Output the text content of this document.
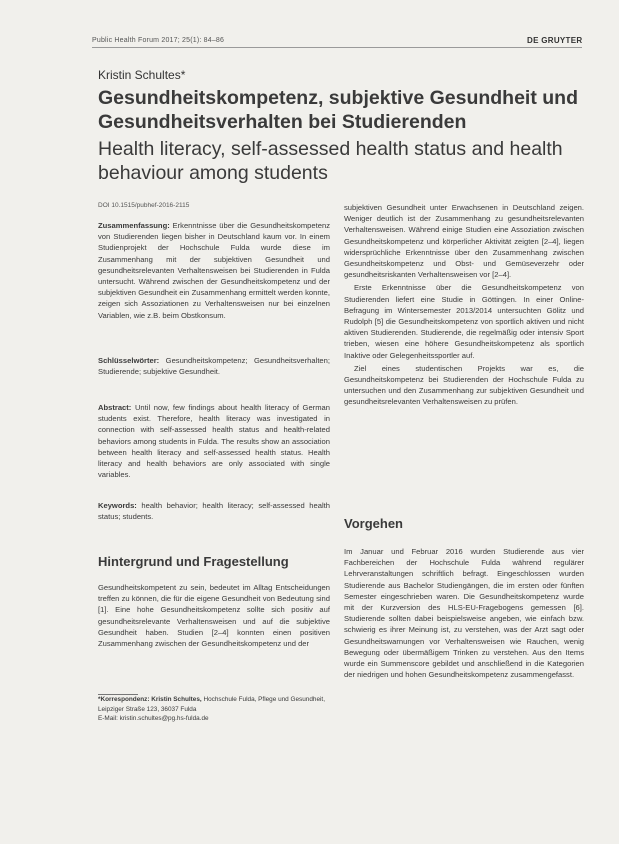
Public Health Forum 2017; 25(1): 84–86	DE GRUYTER
Kristin Schultes*
Gesundheitskompetenz, subjektive Gesundheit und Gesundheitsverhalten bei Studierenden
Health literacy, self-assessed health status and health behaviour among students
DOI 10.1515/pubhef-2016-2115

Zusammenfassung: Erkenntnisse über die Gesundheitskompetenz von Studierenden liegen bisher in Deutschland kaum vor. In einem Studienprojekt der Hochschule Fulda wurde diese im Zusammenhang mit der subjektiven Gesundheit und gesundheitsrelevanten Verhaltensweisen bei Studierenden in Fulda untersucht. Während zwischen der Gesundheitskompetenz und der subjektiven Gesundheit ein Zusammenhang ermittelt werden konnte, zeigen sich Assoziationen zu Verhaltensweisen nur bei einzelnen Variablen, wie z.B. beim Obstkonsum.

Schlüsselwörter: Gesundheitskompetenz; Gesundheitsverhalten; Studierende; subjektive Gesundheit.

Abstract: Until now, few findings about health literacy of German students exist. Therefore, health literacy was investigated in connection with self-assessed health status and health-related behaviors among students in Fulda. The results show an association between health literacy and self-assessed health status. Health literacy and health behaviors are only associated with single variables.

Keywords: health behavior; health literacy; self-assessed health status; students.

Hintergrund und Fragestellung

Gesundheitskompetent zu sein, bedeutet im Alltag Entscheidungen treffen zu können, die für die eigene Gesundheit von Bedeutung sind [1]. Eine hohe Gesundheitskompetenz sollte sich positiv auf gesundheitsrelevante Verhaltensweisen und auf die subjektive Gesundheit haben. Studien [2–4] konnten einen positiven Zusammenhang zwischen der Gesundheitskompetenz und der

*Korrespondenz: Kristin Schultes, Hochschule Fulda, Pflege und Gesundheit, Leipziger Straße 123, 36037 Fulda
E-Mail: kristin.schultes@pg.hs-fulda.de

subjektiven Gesundheit unter Erwachsenen in Deutschland zeigen. Weniger deutlich ist der Zusammenhang zu gesundheitsrelevanten Verhaltensweisen. Während einige Studien eine Assoziation zwischen Gesundheitskompetenz und körperlicher Aktivität zeigten [2–4], liegen widersprüchliche Erkenntnisse über den Zusammenhang zwischen Gesundheitskompetenz und Obst- und Gemüseverzehr oder gesundheitsriskanten Verhaltensweisen vor [2–4].

Erste Erkenntnisse über die Gesundheitskompetenz von Studierenden liefert eine Studie in Göttingen. In einer Online-Befragung im Wintersemester 2013/2014 untersuchten Gölitz und Rudolph [5] die Gesundheitskompetenz von sportlich aktiven und nicht aktiven Studierenden. Studierende, die regelmäßig oder intensiv Sport trieben, wiesen eine höhere Gesundheitskompetenz als sportlich Inaktive oder Gelegenheitssportler auf.

Ziel eines studentischen Projekts war es, die Gesundheitskompetenz bei Studierenden der Hochschule Fulda zu untersuchen und den Zusammenhang zur subjektiven Gesundheit und gesundheitsrelevanten Verhaltensweisen zu prüfen.

Vorgehen

Im Januar und Februar 2016 wurden Studierende aus vier Fachbereichen der Hochschule Fulda während regulärer Lehrveranstaltungen schriftlich befragt. Eingeschlossen wurden Studierende aus Bachelor Studiengängen, die im ersten oder fünften Semester eingeschrieben waren. Die Gesundheitskompetenz wurde mit der Kurzversion des HLS-EU-Fragebogens gemessen [6]. Studierende sollten dabei beispielsweise angeben, wie einfach bzw. schwierig es ihrer Meinung ist, zu verstehen, was der Arzt sagt oder Gesundheitswarnungen vor Verhaltensweisen wie Rauchen, wenig Bewegung oder übermäßigem Trinken zu verstehen. Aus den Items wurde ein Summenscore gebildet und anschließend in die Kategorien der niedrigen und hohen Gesundheitskompetenz zusammengefasst.
